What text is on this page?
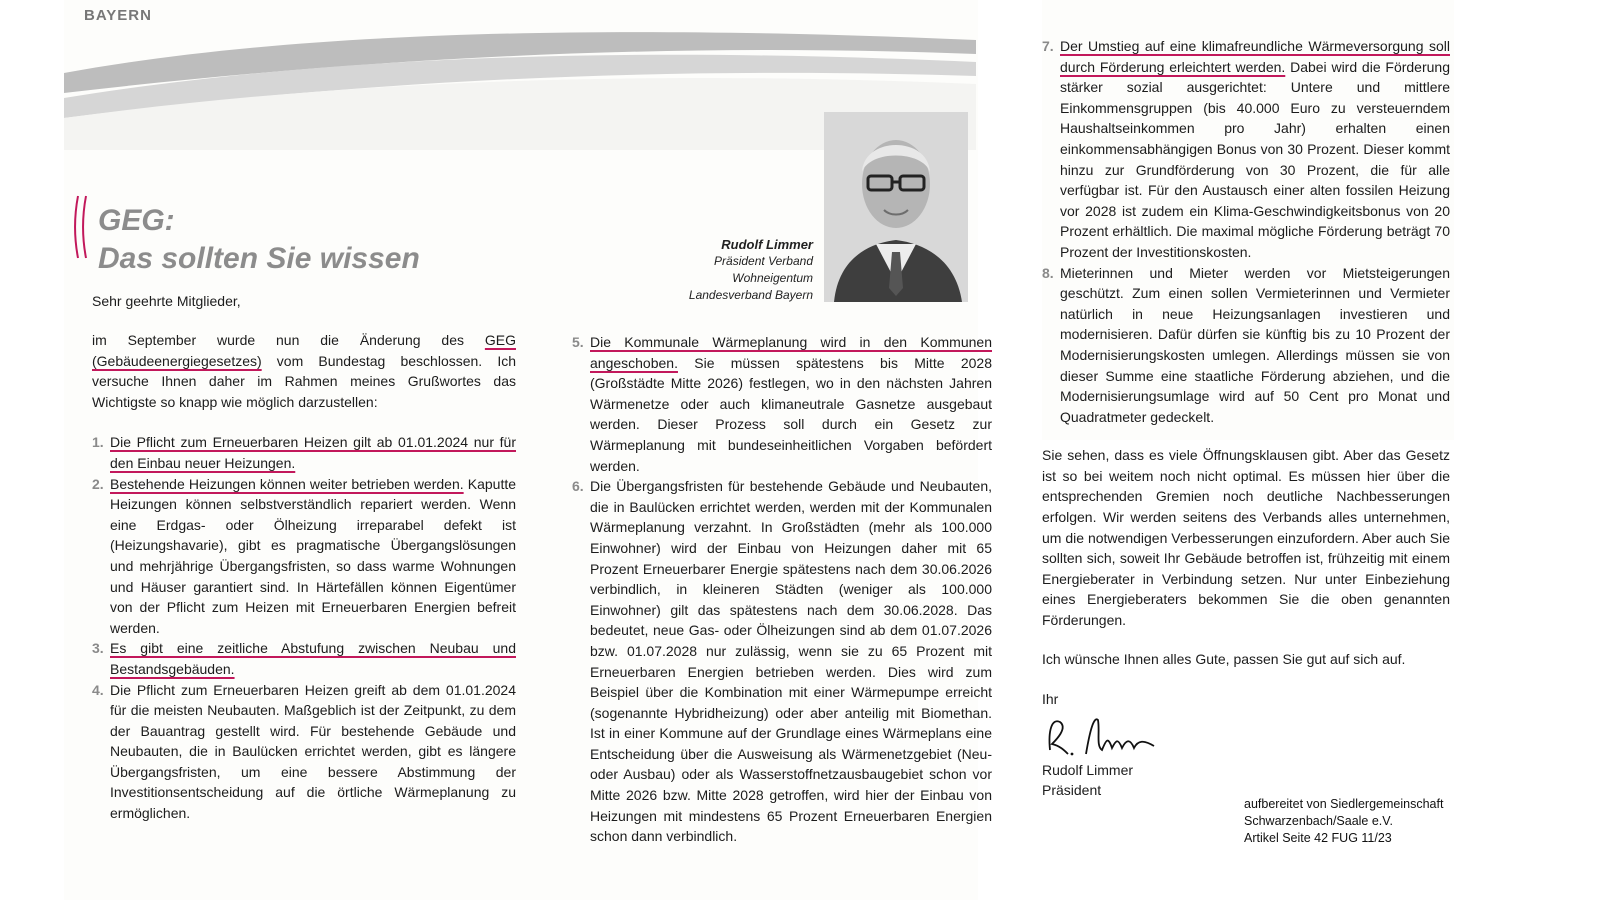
BAYERN
GEG:
Das sollten Sie wissen	Rudolf Limmer
Präsident Verband
Wohneigentum
Landesverband Bayern
Sehr geehrte Mitglieder,

im September wurde nun die Änderung des GEG (Gebäudeenergiegesetzes) vom Bundestag beschlossen. Ich versuche Ihnen daher im Rahmen meines Grußwortes das Wichtigste so knapp wie möglich darzustellen:

1. Die Pflicht zum Erneuerbaren Heizen gilt ab 01.01.2024 nur für den Einbau neuer Heizungen.
2. Bestehende Heizungen können weiter betrieben werden. Kaputte Heizungen können selbstverständlich repariert werden. Wenn eine Erdgas- oder Ölheizung irreparabel defekt ist (Heizungshavarie), gibt es pragmatische Übergangslösungen und mehrjährige Übergangsfristen, so dass warme Wohnungen und Häuser garantiert sind. In Härtefällen können Eigentümer von der Pflicht zum Heizen mit Erneuerbaren Energien befreit werden.
3. Es gibt eine zeitliche Abstufung zwischen Neubau und Bestandsgebäuden.
4. Die Pflicht zum Erneuerbaren Heizen greift ab dem 01.01.2024 für die meisten Neubauten. Maßgeblich ist der Zeitpunkt, zu dem der Bauantrag gestellt wird. Für bestehende Gebäude und Neubauten, die in Baulücken errichtet werden, gibt es längere Übergangsfristen, um eine bessere Abstimmung der Investitionsentscheidung auf die örtliche Wärmeplanung zu ermöglichen.
5. Die Kommunale Wärmeplanung wird in den Kommunen angeschoben. Sie müssen spätestens bis Mitte 2028 (Großstädte Mitte 2026) festlegen, wo in den nächsten Jahren Wärmenetze oder auch klimaneutrale Gasnetze ausgebaut werden. Dieser Prozess soll durch ein Gesetz zur Wärmeplanung mit bundeseinheitlichen Vorgaben befördert werden.
6. Die Übergangsfristen für bestehende Gebäude und Neubauten, die in Baulücken errichtet werden, werden mit der Kommunalen Wärmeplanung verzahnt. In Großstädten (mehr als 100.000 Einwohner) wird der Einbau von Heizungen daher mit 65 Prozent Erneuerbarer Energie spätestens nach dem 30.06.2026 verbindlich, in kleineren Städten (weniger als 100.000 Einwohner) gilt das spätestens nach dem 30.06.2028. Das bedeutet, neue Gas- oder Ölheizungen sind ab dem 01.07.2026 bzw. 01.07.2028 nur zulässig, wenn sie zu 65 Prozent mit Erneuerbaren Energien betrieben werden. Dies wird zum Beispiel über die Kombination mit einer Wärmepumpe erreicht (sogenannte Hybridheizung) oder aber anteilig mit Biomethan. Ist in einer Kommune auf der Grundlage eines Wärmeplans eine Entscheidung über die Ausweisung als Wärmenetzgebiet (Neu- oder Ausbau) oder als Wasserstoffnetzausbaugebiet schon vor Mitte 2026 bzw. Mitte 2028 getroffen, wird hier der Einbau von Heizungen mit mindestens 65 Prozent Erneuerbaren Energien schon dann verbindlich.
7. Der Umstieg auf eine klimafreundliche Wärmeversorgung soll durch Förderung erleichtert werden. Dabei wird die Förderung stärker sozial ausgerichtet: Untere und mittlere Einkommensgruppen (bis 40.000 Euro zu versteuerndem Haushaltseinkommen pro Jahr) erhalten einen einkommensabhängigen Bonus von 30 Prozent. Dieser kommt hinzu zur Grundförderung von 30 Prozent, die für alle verfügbar ist. Für den Austausch einer alten fossilen Heizung vor 2028 ist zudem ein Klima-Geschwindigkeitsbonus von 20 Prozent erhältlich. Die maximal mögliche Förderung beträgt 70 Prozent der Investitionskosten.
8. Mieterinnen und Mieter werden vor Mietsteigerungen geschützt. Zum einen sollen Vermieterinnen und Vermieter natürlich in neue Heizungsanlagen investieren und modernisieren. Dafür dürfen sie künftig bis zu 10 Prozent der Modernisierungskosten umlegen. Allerdings müssen sie von dieser Summe eine staatliche Förderung abziehen, und die Modernisierungsumlage wird auf 50 Cent pro Monat und Quadratmeter gedeckelt.

Sie sehen, dass es viele Öffnungsklausen gibt. Aber das Gesetz ist so bei weitem noch nicht optimal. Es müssen hier über die entsprechenden Gremien noch deutliche Nachbesserungen erfolgen. Wir werden seitens des Verbands alles unternehmen, um die notwendigen Verbesserungen einzufordern. Aber auch Sie sollten sich, soweit Ihr Gebäude betroffen ist, frühzeitig mit einem Energieberater in Verbindung setzen. Nur unter Einbeziehung eines Energieberaters bekommen Sie die oben genannten Förderungen.

Ich wünsche Ihnen alles Gute, passen Sie gut auf sich auf.
Ihr
Rudolf Limmer
Präsident
aufbereitet von Siedlergemeinschaft
Schwarzenbach/Saale e.V.
Artikel Seite 42 FUG 11/23
